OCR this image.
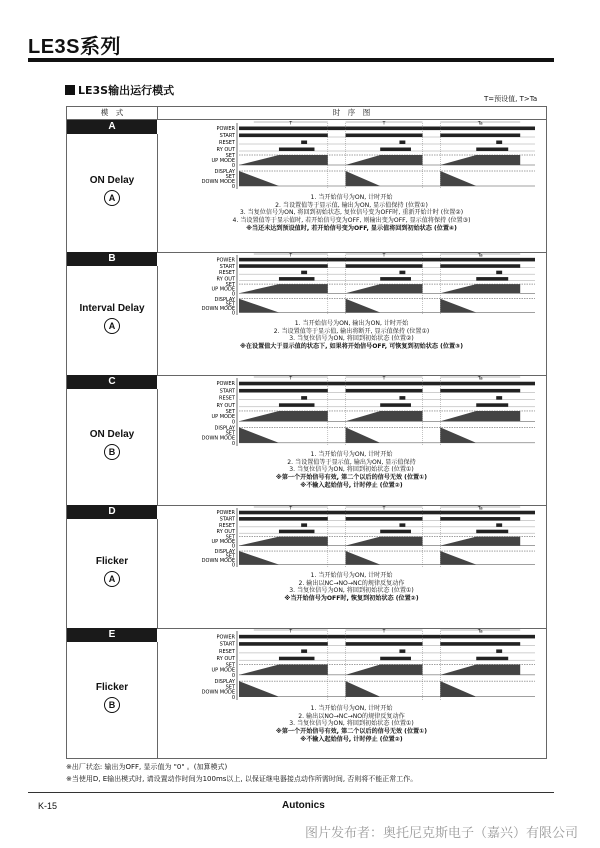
LE3S系列
LE3S输出运行模式
T=预设值, T>Ta
模　式	时　序　图
A
ON Delay
A
POWER
START
RESET
RY OUT
SET
UP MODE
0
DISPLAY
SET
DOWN MODE
0
T	T	Ta
1. 当开始信号为ON, 计时开始
2. 当设置值等于显示值, 输出为ON, 显示值保持 (位置①)
3. 当复位信号为ON, 将回到初始状态, 复位信号变为OFF时, 重新开始计时 (位置②)
4. 当设置值等于显示值时, 若开始信号变为OFF, 则输出变为OFF, 显示值将保持 (位置③)
※当还未达到预设值时, 若开始信号变为OFF, 显示值将回到初始状态 (位置④)
B
Interval Delay
A
POWER
START
RESET
RY OUT
SET
UP MODE
0
DISPLAY
SET
DOWN MODE
0
T	T	Ta
1. 当开始信号为ON, 输出为ON, 计时开始
2. 当设置值等于显示值, 输出将断开, 显示值保持 (位置①)
3. 当复位信号为ON, 将回到初始状态 (位置②)
※在设置值大于显示值的状态下, 如果将开始信号OFF, 可恢复到初始状态 (位置③)
C
ON Delay
B
POWER
START
RESET
RY OUT
SET
UP MODE
0
DISPLAY
SET
DOWN MODE
0
T	T	Ta
1. 当开始信号为ON, 计时开始
2. 当设置值等于显示值, 输出为ON, 显示值保持
3. 当复位信号为ON, 将回到初始状态 (位置①)
※第一个开始信号有效, 第二个以后的信号无效 (位置①)
※不输入起始信号, 计时停止 (位置②)
D
Flicker
A
POWER
START
RESET
RY OUT
SET
UP MODE
0
DISPLAY
SET
DOWN MODE
0
T	T	Ta
1. 当开始信号为ON, 计时开始
2. 输出以NC→NO→NC的规律反复动作
3. 当复位信号为ON, 将回到初始状态 (位置①)
※当开始信号为OFF时, 恢复到初始状态 (位置②)
E
Flicker
B
POWER
START
RESET
RY OUT
SET
UP MODE
0
DISPLAY
SET
DOWN MODE
0
T	T	Ta
1. 当开始信号为ON, 计时开始
2. 输出以NO→NC→NO的规律反复动作
3. 当复位信号为ON, 将回到初始状态 (位置①)
※第一个开始信号有效, 第二个以后的信号无效 (位置①)
※不输入起始信号, 计时停止 (位置②)
※出厂状态: 输出为OFF, 显示值为 "0" 。(加算模式)
※当使用D, E输出模式时, 请设置动作时间为100ms以上, 以保证继电器接点动作所需时间, 否则将不能正常工作。
K-15	Autonics
图片发布者：奥托尼克斯电子（嘉兴）有限公司
